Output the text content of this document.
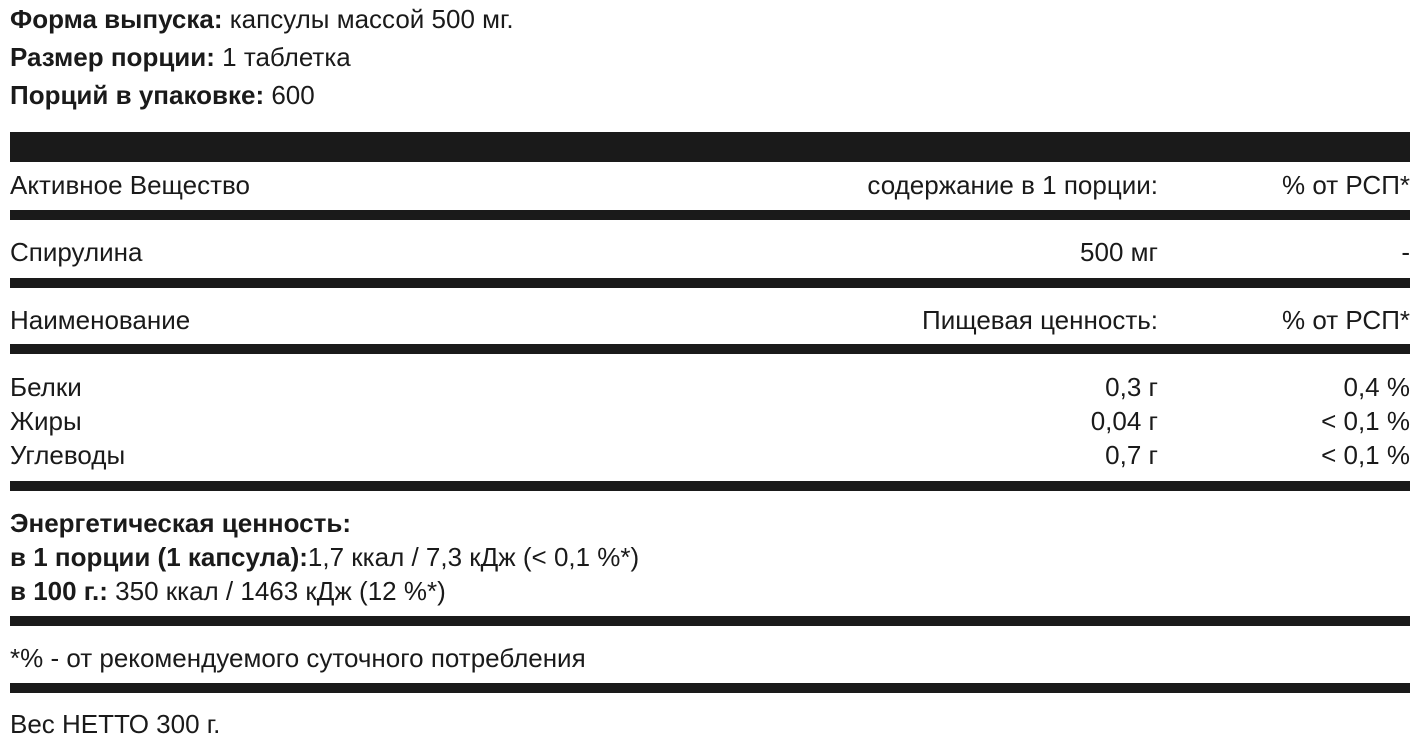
Форма выпуска: капсулы массой 500 мг.
Размер порции: 1 таблетка
Порций в упаковке: 600
Активное Вещество	содержание в 1 порции:	% от РСП*
Спирулина	500 мг	-
Наименование	Пищевая ценность:	% от РСП*
Белки	0,3 г	0,4 %
Жиры	0,04 г	< 0,1 %
Углеводы	0,7 г	< 0,1 %
Энергетическая ценность:
в 1 порции (1 капсула):1,7 ккал / 7,3 кДж (< 0,1 %*)
в 100 г.: 350 ккал / 1463 кДж (12 %*)
*% - от рекомендуемого суточного потребления
Вес НЕТТО 300 г.
